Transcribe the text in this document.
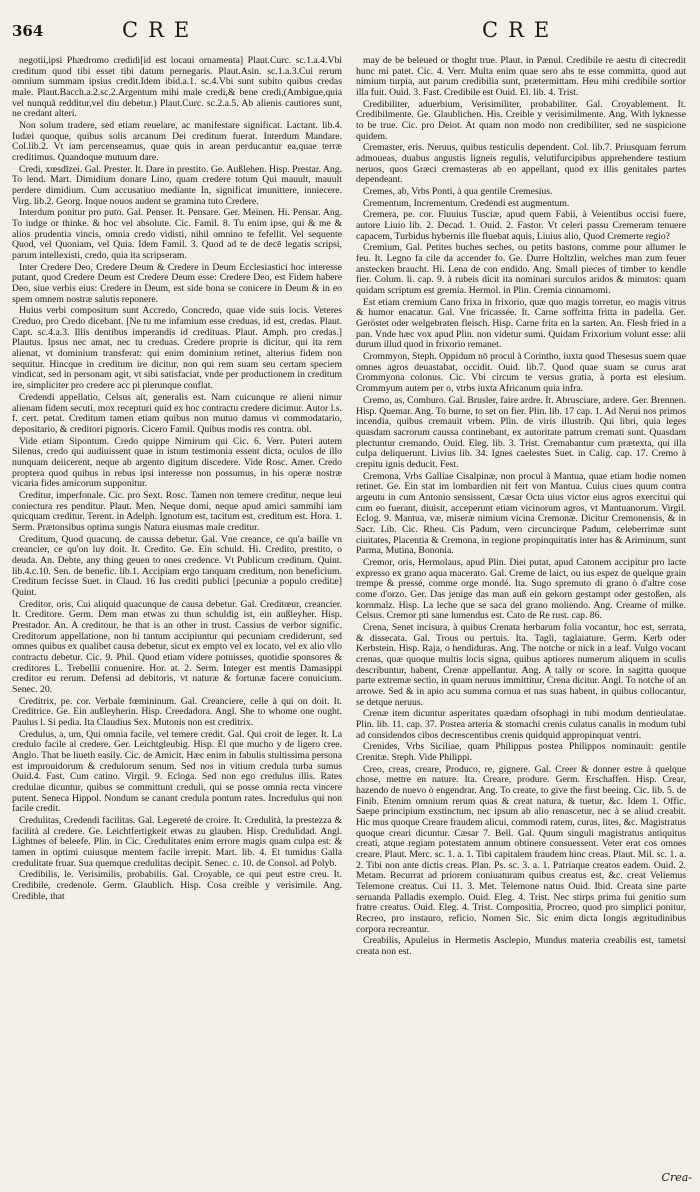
364	CRE	CRE

negotii,ipsi Phædromo credidi[id est locaui ornamenta] Plaut.Curc. sc.1.a.4.Vbi creditum quod tibi esset tibi datum pernegaris. Plaut.Asin. sc.1.a.3.Cui rerum omnium summam ipsius credit.Idem ibid.a.1. sc.4.Vbi sunt subito quibus credas male. Plaut.Bacch.a.2.sc.2.Argentum mihi male credi,& bene credi,(Ambigue,quia vel nunquã redditur,vel diu debetur.) Plaut.Curc. sc.2.a.5. Ab alienis cautiores sunt, ne credant alteri.

Non solum tradere, sed etiam reuelare, ac manifestare significat. Lactant. lib.4. Iudæi quoque, quibus solis arcanum Dei creditum fuerat. Interdum Mandare. Col.lib.2. Vt iam percenseamus, quae quis in arean perducantur ea,quae terræ creditimus. Quandoque mutuum dare.

Credi, xœsdīzei. Gal. Prester. It. Dare in prestito. Ge. Außlehen. Hisp. Prestar. Ang. To lend. Mart. Dimidium donare Lino, quam credere totum Qui mauult, mauult perdere dimidium. Cum accusatiuo mediante In, significat imunittere, inniecere. Virg. lib.2. Georg. Inque nouos audent se gramina tuto Credere.

Interdum ponitur pro puto. Gal. Penser. It. Pensare. Ger. Meinen. Hi. Pensar. Ang. To iudge or thinke. & hoc vel absolute. Cic. Famil. 8. Tu enim ipse, qui & me & alios prudentia vincis, omnia credo vidisti, nihil omnino te fefellit. Vel sequente Quod, vel Quoniam, vel Quia. Idem Famil. 3. Quod ad te de decē legatis scripsi, parum intellexisti, credo, quia ita scripseram.

Inter Credere Deo, Credere Deum & Credere in Deum Ecclesiastici hoc interesse putant, quod Credere Deum est Credere Deum esse: Credere Deo, est Fidem habere Deo, siue verbis eius: Credere in Deum, est side bona se conicere in Deum & in eo spem omnem nostræ salutis reponere.

Huius verbi compositum sunt Accredo, Concredo, quae vide suis locis. Veteres Creduo, pro Credo dicebant. [Ne tu me infamium esse creduas, id est, credas. Plaut. Capt. sc.4.a.3. Illis dentibus imperandis id credituas. Plaut. Amph. pro credas.] Plautus. Ipsus nec amat, nec tu creduas. Credere proprie is dicitur, qui ita rem alienat, vt dominium transferat: qui enim dominium retinet, alterius fidem non sequitur. Hincque in creditum ire dicitur, non qui rem suam seu certam speciem vindicat, sed in personam agit, vt sibi satisfaciat, vnde per productionem in creditum ire, simpliciter pro credere acc pi plerunque conflat.

Credendi appellatio, Celsus ait, generalis est. Nam cuicunque re alieni nimur alienam fidem secuti, mox recepturi quid ex hoc contractu credere dicimur. Autor l.s. f. cert. petat. Creditum tamen etiam quibus non mutuo damus vi commodatario, depositario, & creditori pignoris. Cicero Famil. Quibus modis res contra. obl.

Vide etiam Sipontum. Credo quippe Nimirum qui Cic. 6. Verr. Puteri autem Silenus, credo qui audiuissent quae in istum testimonia essent dicta, oculos de illo nunquam deiicerent, neque ab argento digitum discedere. Vide Rosc. Amer. Credo proptera quod quibus in rebus ipsi interesse non possumus, in his operæ nostræ vicaria fides amicorum supponitur.

Creditur, imperfonale. Cic. pro Sext. Rosc. Tamen non temere creditur, neque leui coniectura res penditur. Plaut. Men. Neque domi, neque apud amici sammihi iam quicquam creditur. Terent. in Adelph. Ignotum est, tacitum est, creditum est. Hora. 1. Serm. Prætonsibus optima sungis Natura eiusmas male creditur.

Creditum, Quod quacunq. de caussa debetur. Gal. Vne creance, ce qu'a baille vn creancier, ce qu'on luy doit. It. Credito. Ge. Ein schuld. Hi. Credito, prestito, o deuda. An. Debte, any thing geuen to ones credence. Vt Publicum creditum. Quint. lib.4.c.10. Sen. de benefic. lib.1. Accipiam ergo tanquam creditum, non beneficium. Creditum fecisse Suet. in Claud. 16 Ius crediti publici [pecuniæ a populo creditæ] Quint.

Creditor, oris, Cui aliquid quacunque de causa debetur. Gal. Creditœur, creancier. It. Creditore. Germ. Dem man etwas zu thun schuldig ist, ein außleyher. Hisp. Prestador. An. A creditour, he that is an other in trust. Cassius de verbor signific. Creditorum appellatione, non hi tantum accipiuntur qui pecuniam crediderunt, sed omnes quibus ex qualibet causa debetur, sicut ex empto vel ex locato, vel ex alio vllo contractu debetur. Cic. 9. Phil. Quod etiam videre potuisses, quotidie sponsores & creditores L. Trebellii conuenire. Hor. at. 2. Serm. Integer est mentis Damasippi creditor eu rerum. Defensi ad debitoris, vt naturæ & fortunæ facere conuicium. Senec. 20.

Creditrix, pe. cor. Verbale fœmininum. Gal. Creanciere, celle à qui on doit. It. Creditrice. Ge. Ein außleyherin. Hisp. Creedadora. Angl. She to whome one ought. Paulus l. Si pedia. Ita Claudius Sex. Mutonis non est creditrix.

Credulus, a, um, Qui omnia facile, vel temere credit. Gal. Qui croit de leger. It. La credulo facile al credere. Ger. Leichtgleubig. Hisp. El que mucho y de ligero cree. Anglo. That be liueth easily. Cic. de Amicit. Hæc enim in fabulis stultissima persona est improuidorum & credulorum senum. Sed nos in vitium credula turba sumus Ouid.4. Fast. Cum catino. Virgil. 9. Ecloga. Sed non ego credulus illis. Rates credulae dicuntur, quibus se committunt creduli, qui se posse omnia recta vincere putent. Seneca Hippol. Nondum se canant credula pontum rates. Incredulus qui non facile credit.

Credulitas, Credendi facilitas. Gal. Legereté de croire. It. Credulità, la prestezza & facilità al credere. Ge. Leichtfertigkeit etwas zu glauben. Hisp. Credulidad. Angl. Lightnes of beleefe. Plin. in Cic. Credulitates enim errore magis quam culpa est: & tamen in optimi cuiusque mentem facile irrepit. Mart. lib. 4. Et tumidus Galla credulitate fruar. Sua quemque credulitas decipit. Senec. c. 10. de Consol. ad Polyb.

Credibilis, le. Verisimilis, probabilis. Gal. Croyable, ce qui peut estre creu. It. Credibile, credenole. Germ. Glaublich. Hisp. Cosa creible y verisimile. Ang. Credible, that

may de be beleued or thoght true. Plaut. in Pænul. Credibile re aestu di citecredit hunc mi patet. Cic. 4. Verr. Multa enim quae sero abs te esse committa, quod aut nimium turpia, aut parum credibilia sunt, prætermittam. Heu mihi credibile sortior illa fuit. Ouid. 3. Fast. Credibile est Ouid. El. lib. 4. Trist.

Credibiliter, aduerbium, Verisimiliter, probabiliter. Gal. Croyablement. It. Credibilmente. Ge. Glaublichen. His. Creible y verisimilmente. Ang. With lyknesse to be true. Cic. pro Deiot. At quam non modo non credibiliter, sed ne suspicione quidem.

Cremaster, eris. Neruus, quibus testiculis dependent. Col. lib.7. Priusquam ferrum admoueas, duabus angustis ligneis regulis, velutifurcipibus apprehendere testium neruos, quos Græci cremasteras ab eo appellant, quod ex illis genitales partes dependeant.

Cremes, ab, Vrbs Ponti, à qua gentile Cremesius.

Crementum, Incrementum. Credendi est augmentum.

Cremera, pe. cor. Fluuius Tusciæ, apud quem Fabii, à Veientibus occisi fuere, autore Liuio lib. 2. Decad. 1. Ouid. 2. Fastor. Vt celeri passu Cremeram tenuere capacem, Turbidus hybernis ille fluebat aquis, Liuius alio, Quod Cremerte regio?

Cremium, Gal. Petites buches seches, ou petits bastons, comme pour allumer le feu. It. Legno fa cile da accender fo. Ge. Durre Holtzlin, welches man zum feuer anstecken braucht. Hi. Lena de con endido. Ang. Small pieces of timber to kendle fier. Colum. li. cap. 9. à rubeis dicit ita nominari surculos aridos & minutos: quam quidam scriptum est gremia. Hermol. in Plin. Cremia cinnamomi.

Est etiam cremium Cano frixa in frixorio, quæ quo magis torretur, eo magis vitrus & humor enacatur. Gal. Vne fricassée. It. Carne soffritta fritta in padella. Ger. Geröstet oder welgebraten fleisch. Hisp. Carne frita en la sarten. An. Flesh fried in a pan. Vnde hæc vox apud Plin. non videtur sumi. Quidam Frixorium volunt esse: alii durum illud quod in frixorio remanet.

Crommyon, Steph. Oppidum nō procul à Corintho, iuxta quod Thesesus suem quae omnes agros deuastabat, occidit. Ouid. lib.7. Quod quae suam se curus arat Crommyona colonus. Cic. Vbi circum te versus gratia, à porta est elesium. Crommyum autem per o, vtrbs iuxta Africanum quia infra.

Cremo, as, Comburo. Gal. Brusler, faire ardre. It. Abrusciare, ardere. Ger. Brennen. Hisp. Quemar. Ang. To burne, to set on fier. Plin. lib. 17 cap. 1. Ad Nerui nos primos incendia, quibus cremauit vrbem. Plin. de viris illustrib. Qui libri, quia leges quasdam sacrorum caussa continebant, ex autoritate patrum cremati sunt. Quasdam plectuntur cremando. Ouid. Eleg. lib. 3. Trist. Cremabantur cum prætexta, qui illa culpa deliquerunt. Livius lib. 34. Ignes caelestes Suet. in Calig. cap. 17. Cremo à crepitu ignis deducit. Fest.

Cremona, Vrbs Galliae Cisalpinæ, non procul à Mantua, quae etiam hodie nomen retinet. Ge. Ein stat im lombardien nit fert von Mantua. Cuius ciues quum contra argeutu in cum Antonio sensissent, Cæsar Octa uius victor eius agros exercitui qui cum eo fuerant, diuisit, acceperunt etiam vicinorum agros, vt Mantuanorum. Virgil. Eclog. 9. Mantua, væ, miseræ nimium vicina Cremonæ. Dicitur Cremonensis, & in Sacr. Lib. Cic. Rheu. Cis Padum, vero circuncirque Padum, celeberrimæ sunt ciuitates, Placentia & Cremona, in regione propinquitatis inter has & Ariminum, sunt Parma, Mutina, Bononia.

Cremor, oris, Hermolaus, apud Plin. Diei putat, apud Catonem accipitur pro lacte expresso ex grano aqua macerato. Gal. Creme de laict, ou ius espez de quelque grain trempe & pressé, comme orge mondé. Ita. Sugo spremuto di grano ò d'altre cose come d'orzo. Ger. Das jenige das man auß ein gekorn gestampt oder gestoßen, als kornmalz. Hisp. La leche que se saca del grano moliendo. Ang. Creame of milke. Celsus. Cremor pti sane lumendus est. Cato de Re rust. cap. 86.

Crena, Senet incisura, à quibus Crenata herbarum folia vocantur, hoc est, serrata, & dissecata. Gal. Trous ou pertuis. Ita. Tagli, taglaiature. Germ. Kerb oder Kerbstein. Hisp. Raja, o hendiduras. Ang. The notche or nick in a leaf. Vulgo vocant crenas, quæ quoque multis locis signa, quibus aptiores numerum aliquem in sculis describuntur, habent, Crenæ appellantur. Ang. A tally or score. In sagitta quoque parte extremæ sectio, in quam neruus immittitur, Crena dicitur. Angl. To notche of an arrowe. Sed & in apio acu summa cornua et nas suas habent, in quibus collocantur, se detque neruus.

Crenæ item dicuntur asperitates quædam ofsophagi in tubi modum dentieulatae. Plin. lib. 11. cap. 37. Postea arteria & stomachi crenis culatus canalis in modum tubi ad considendos cibos decrescentibus crenis quidquid appropinquat ventri.

Crenides, Vrbs Siciliae, quam Philippus postea Philippos nominauit: gentile Crenitæ. Steph. Vide Philippi.

Creo, creas, creare, Produco, re, gignere. Gal. Creer & donner estre à quelque chose, mettre en nature. Ita. Creare, produre. Germ. Erschaffen. Hisp. Crear, hazendo de nuevo ò engendrar. Ang. To create, to give the first beeing. Cic. lib. 5. de Finib. Etenim omnium rerum quas & creat natura, & tuetur, &c. Idem 1. Offic. Saepe principium exstinctum, nec ipsum ab alio renascetur, nec à se aliud creabit. Hic mus quoque Creare fraudem alicui, commodi ratem, curas, lites, &c. Magistratus quoque creari dicuntur. Cæsar 7. Bell. Gal. Quum singuli magistratus antiquitus creati, atque regiam potestatem annum obtinere consuessent. Veter erat cos omnes creare. Plaut. Merc. sc. 1. a. 1. Tibi capitalem fraudem hinc creas. Plaut. Mil. sc. 1. a. 2. Tibi non ante dictis creas. Plan. Ps. sc. 3. a. 1. Patriaque creatos eadem. Ouid. 2. Metam. Recurrat ad priorem coniuaturam quibus creatus est, &c. creat Veliemus Telemone creatus. Cui 11. 3. Met. Telemone natus Ouid. Ibid. Creata sine parte seruanda Palladis exemplo. Ouid. Eleg. 4. Trist. Nec stirps prima fui genitio sum fratre creatus. Ouid. Eleg. 4. Trist. Compositia, Procreo, quod pro simplici ponitur, Recreo, pro instauro, reficio. Nomen Sic. Sic enim dicta Iongis ægritudinibus corpora recreantur.

Creabilis, Apuleius in Hermetis Asclepio, Mundus materia creabilis est, tametsi creata non est.

Crea-
